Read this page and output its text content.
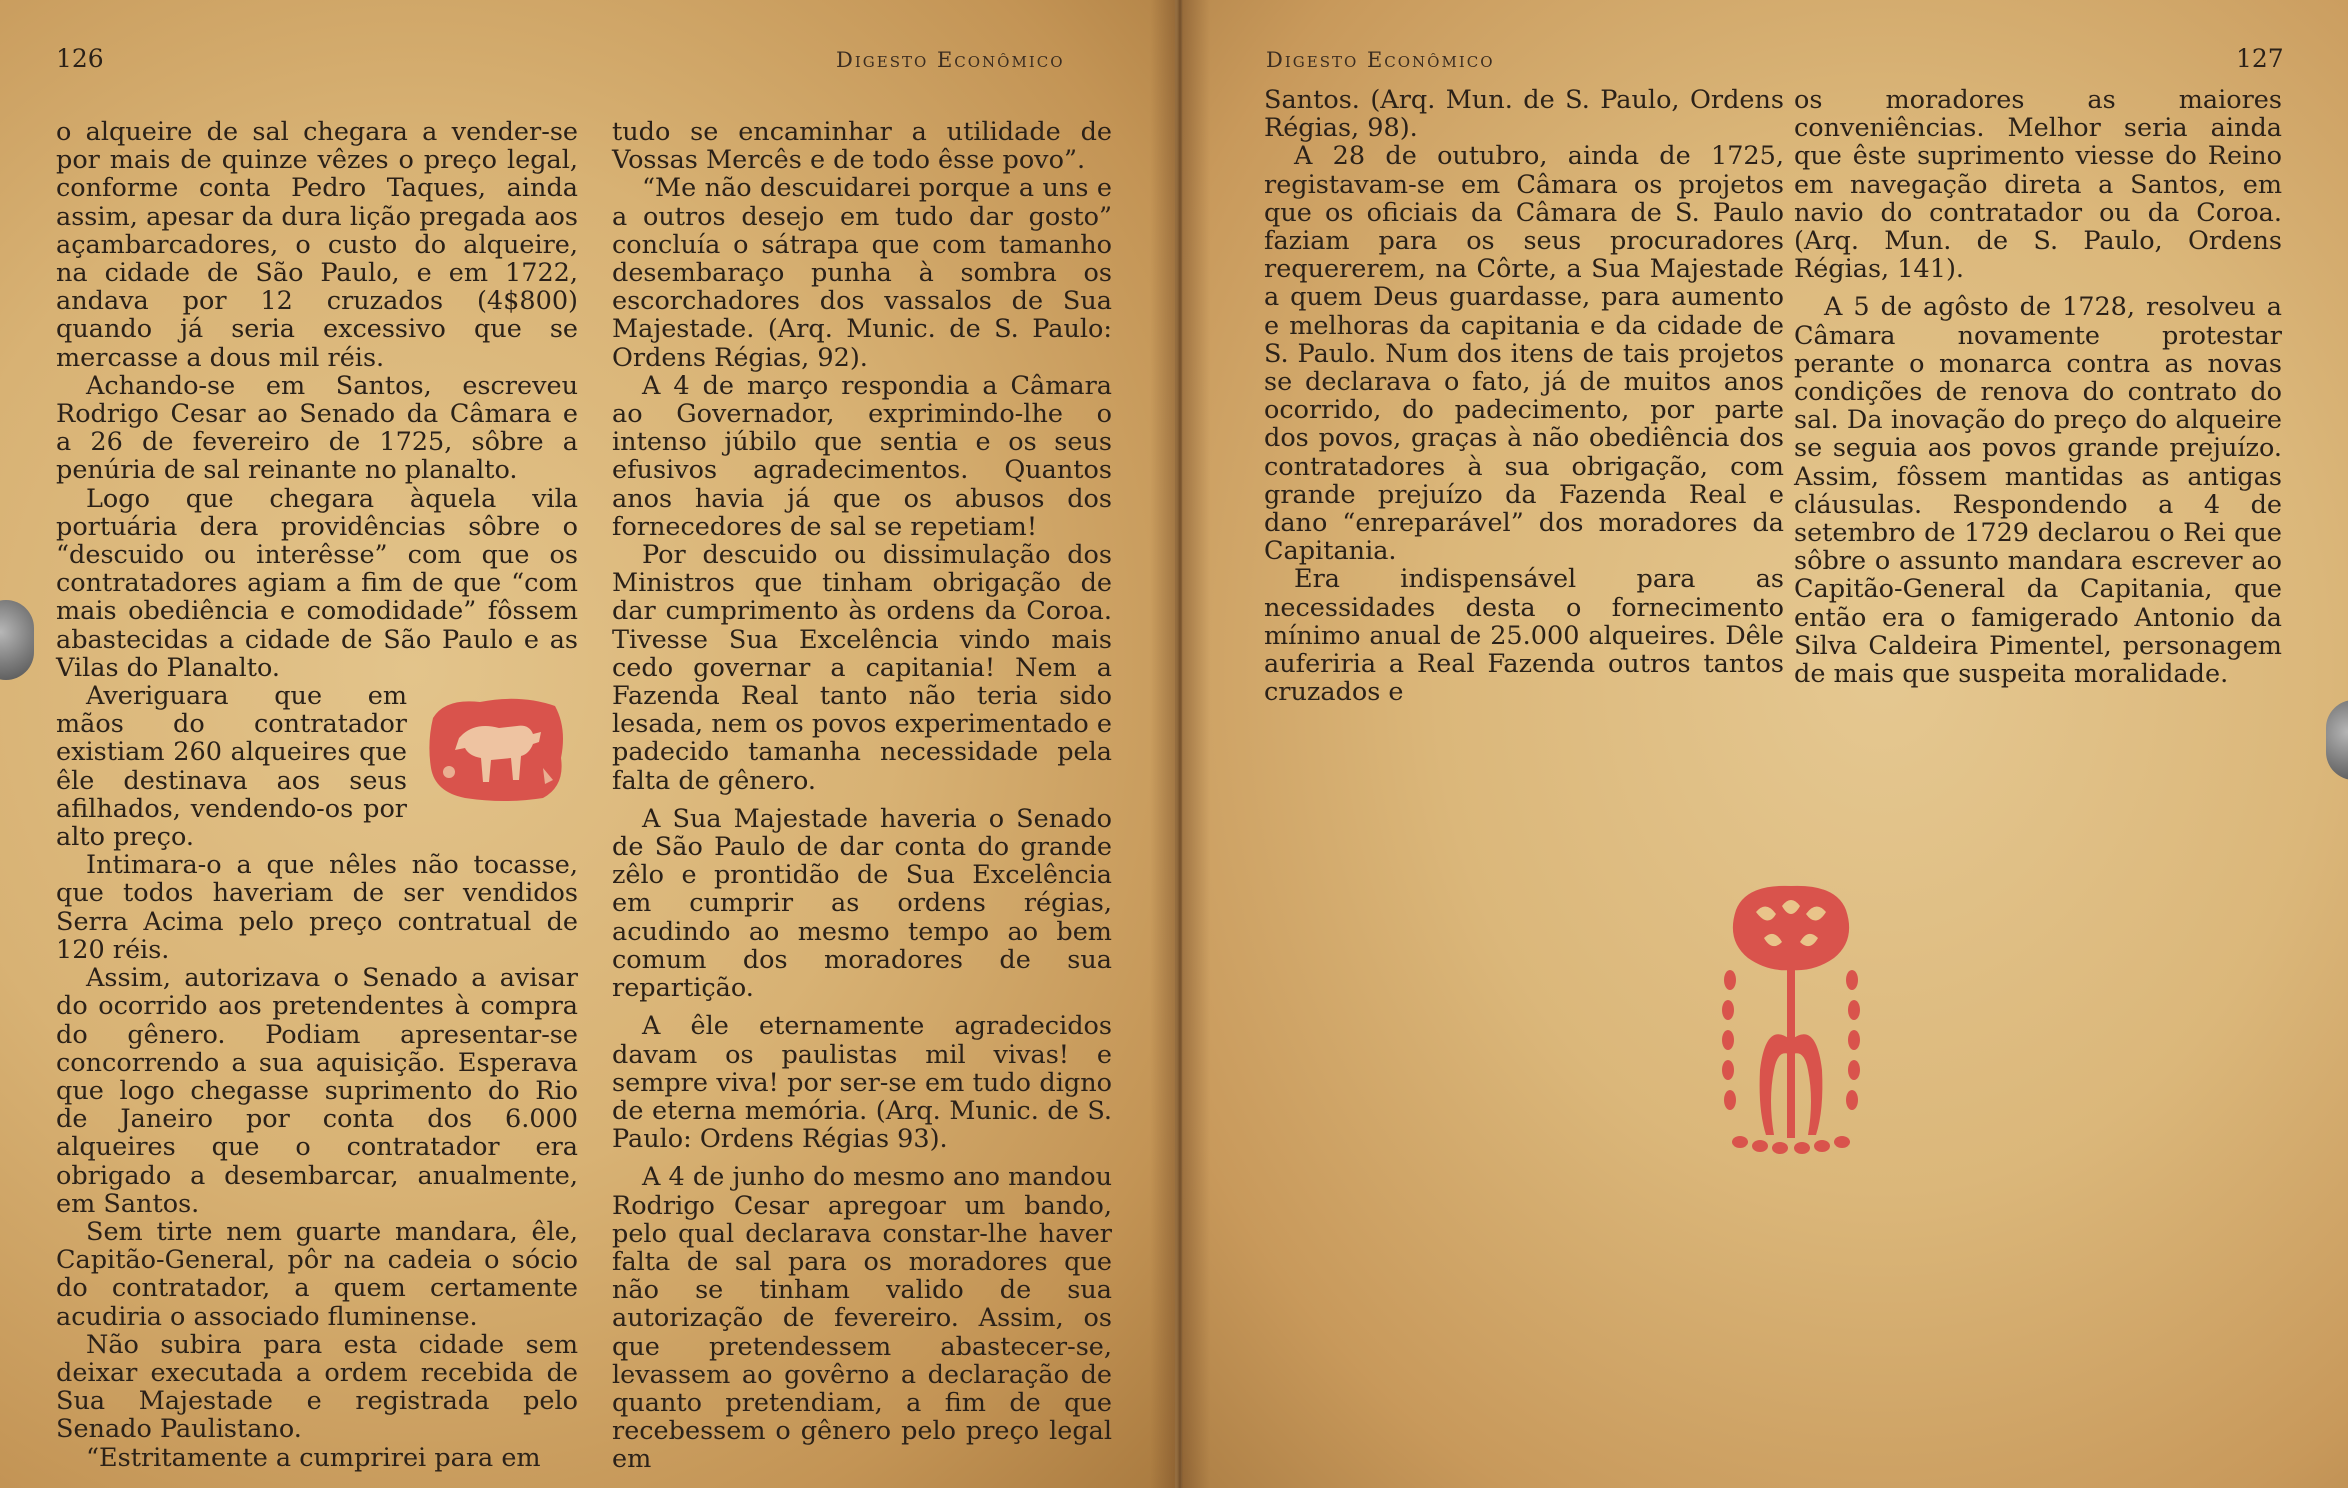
126	Digesto Econômico

o alqueire de sal chegara a vender-se por mais de quinze vêzes o preço legal, conforme conta Pedro Taques, ainda assim, apesar da dura lição pregada aos açambarcadores, o custo do alqueire, na cidade de São Paulo, e em 1722, andava por 12 cruzados (4$800) quando já seria excessivo que se mercasse a dous mil réis.

Achando-se em Santos, escreveu Rodrigo Cesar ao Senado da Câmara e a 26 de fevereiro de 1725, sôbre a penúria de sal reinante no planalto.

Logo que chegara àquela vila portuária dera providências sôbre o “descuido ou interêsse” com que os contratadores agiam a fim de que “com mais obediência e comodidade” fôssem abastecidas a cidade de São Paulo e as Vilas do Planalto.

Averiguara que em mãos do contratador existiam 260 alqueires que êle destinava aos seus afilhados, vendendo-os por alto preço.

Intimara-o a que nêles não tocasse, que todos haveriam de ser vendidos Serra Acima pelo preço contratual de 120 réis.

Assim, autorizava o Senado a avisar do ocorrido aos pretendentes à compra do gênero. Podiam apresentar-se concorrendo a sua aquisição. Esperava que logo chegasse suprimento do Rio de Janeiro por conta dos 6.000 alqueires que o contratador era obrigado a desembarcar, anualmente, em Santos.

Sem tirte nem guarte mandara, êle, Capitão-General, pôr na cadeia o sócio do contratador, a quem certamente acudiria o associado fluminense.

Não subira para esta cidade sem deixar executada a ordem recebida de Sua Majestade e registrada pelo Senado Paulistano.

“Estritamente a cumprirei para em

tudo se encaminhar a utilidade de Vossas Mercês e de todo êsse povo”.

“Me não descuidarei porque a uns e a outros desejo em tudo dar gosto” concluía o sátrapa que com tamanho desembaraço punha à sombra os escorchadores dos vassalos de Sua Majestade. (Arq. Munic. de S. Paulo: Ordens Régias, 92).

A 4 de março respondia a Câmara ao Governador, exprimindo-lhe o intenso júbilo que sentia e os seus efusivos agradecimentos. Quantos anos havia já que os abusos dos fornecedores de sal se repetiam!

Por descuido ou dissimulação dos Ministros que tinham obrigação de dar cumprimento às ordens da Coroa. Tivesse Sua Excelência vindo mais cedo governar a capitania! Nem a Fazenda Real tanto não teria sido lesada, nem os povos experimentado e padecido tamanha necessidade pela falta de gênero.

A Sua Majestade haveria o Senado de São Paulo de dar conta do grande zêlo e prontidão de Sua Excelência em cumprir as ordens régias, acudindo ao mesmo tempo ao bem comum dos moradores de sua repartição.

A êle eternamente agradecidos davam os paulistas mil vivas! e sempre viva! por ser-se em tudo digno de eterna memória. (Arq. Munic. de S. Paulo: Ordens Régias 93).

A 4 de junho do mesmo ano mandou Rodrigo Cesar apregoar um bando, pelo qual declarava constar-lhe haver falta de sal para os moradores que não se tinham valido de sua autorização de fevereiro. Assim, os que pretendessem abastecer-se, levassem ao govêrno a declaração de quanto pretendiam, a fim de que recebessem o gênero pelo preço legal em

Digesto Econômico	127

Santos. (Arq. Mun. de S. Paulo, Ordens Régias, 98).

A 28 de outubro, ainda de 1725, registavam-se em Câmara os projetos que os oficiais da Câmara de S. Paulo faziam para os seus procuradores requererem, na Côrte, a Sua Majestade a quem Deus guardasse, para aumento e melhoras da capitania e da cidade de S. Paulo. Num dos itens de tais projetos se declarava o fato, já de muitos anos ocorrido, do padecimento, por parte dos povos, graças à não obediência dos contratadores à sua obrigação, com grande prejuízo da Fazenda Real e dano “enreparável” dos moradores da Capitania.

Era indispensável para as necessidades desta o fornecimento mínimo anual de 25.000 alqueires. Dêle auferiria a Real Fazenda outros tantos cruzados e

os moradores as maiores conveniências. Melhor seria ainda que êste suprimento viesse do Reino em navegação direta a Santos, em navio do contratador ou da Coroa. (Arq. Mun. de S. Paulo, Ordens Régias, 141).

A 5 de agôsto de 1728, resolveu a Câmara novamente protestar perante o monarca contra as novas condições de renova do contrato do sal. Da inovação do preço do alqueire se seguia aos povos grande prejuízo. Assim, fôssem mantidas as antigas cláusulas. Respondendo a 4 de setembro de 1729 declarou o Rei que sôbre o assunto mandara escrever ao Capitão-General da Capitania, que então era o famigerado Antonio da Silva Caldeira Pimentel, personagem de mais que suspeita moralidade.
